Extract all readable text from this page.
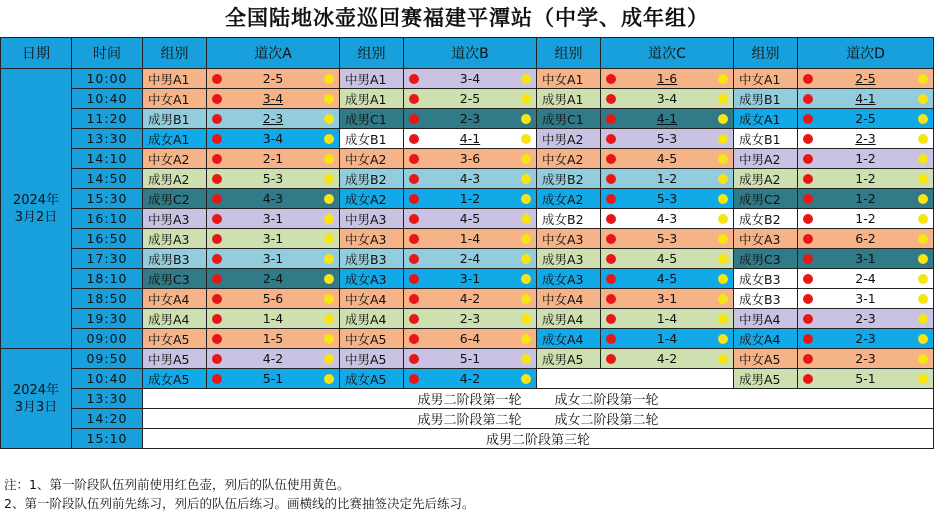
全国陆地冰壶巡回赛福建平潭站（中学、成年组）
日期	时间	组别	道次A	组别	道次B	组别	道次C	组别	道次D

2024年
3月2日	10:00	中男A1	2-5	中男A1	3-4	中女A1	1-6	中女A1	2-5

	10:40	中女A1	3-4	成男A1	2-5	成男A1	3-4	成男B1	4-1

	11:20	成男B1	2-3	成男C1	2-3	成男C1	4-1	成女A1	2-5

	13:30	成女A1	3-4	成女B1	4-1	中男A2	5-3	成女B1	2-3

	14:10	中女A2	2-1	中女A2	3-6	中女A2	4-5	中男A2	1-2

	14:50	成男A2	5-3	成男B2	4-3	成男B2	1-2	成男A2	1-2

	15:30	成男C2	4-3	成女A2	1-2	成女A2	5-3	成男C2	1-2

	16:10	中男A3	3-1	中男A3	4-5	成女B2	4-3	成女B2	1-2

	16:50	成男A3	3-1	中女A3	1-4	中女A3	5-3	中女A3	6-2

	17:30	成男B3	3-1	成男B3	2-4	成男A3	4-5	成男C3	3-1

	18:10	成男C3	2-4	成女A3	3-1	成女A3	4-5	成女B3	2-4

	18:50	中女A4	5-6	中女A4	4-2	中女A4	3-1	成女B3	3-1

	19:30	成男A4	1-4	成男A4	2-3	成男A4	1-4	中男A4	2-3

	09:00	中女A5	1-5	中女A5	6-4	成女A4	1-4	成女A4	2-3

2024年
3月3日	09:50	中男A5	4-2	中男A5	5-1	成男A5	4-2	中女A5	2-3

	10:40	成女A5	5-1	成女A5	4-2			成男A5	5-1

	13:30	成男二阶段第一轮        成女二阶段第一轮							
	14:20	成男二阶段第二轮        成女二阶段第二轮							
	15:10	成男二阶段第三轮							
注：1、第一阶段队伍列前使用红色壶，列后的队伍使用黄色。
2、第一阶段队伍列前先练习，列后的队伍后练习。画横线的比赛抽签决定先后练习。
